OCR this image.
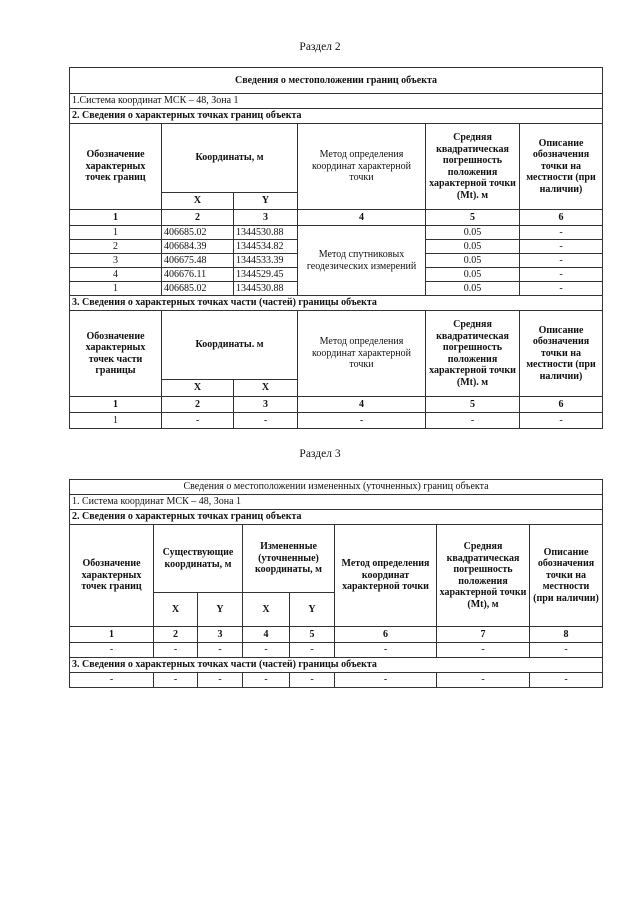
Раздел 2
Сведения о местоположении границ объекта					
1.Система координат МСК – 48, Зона 1					
2. Сведения о характерных точках границ объекта					
Обозначение характерных точек границ	Координаты, м		Метод определения координат характерной точки	Средняя квадратическая погрешность положения характерной точки (Mt). м	Описание обозначения точки на местности (при наличии)
	X	Y			
1	2	3	4	5	6
1	406685.02	1344530.88	Метод спутниковых геодезических измерений	0.05	-
2	406684.39	1344534.82		0.05	-
3	406675.48	1344533.39		0.05	-
4	406676.11	1344529.45		0.05	-
1	406685.02	1344530.88		0.05	-
3. Сведения о характерных точках части (частей) границы объекта					
Обозначение характерных точек части границы	Координаты. м		Метод определения координат характерной точки	Средняя квадратическая погрешность положения характерной точки (Mt). м	Описание обозначения точки на местности (при наличии)
	X	X			
1	2	3	4	5	6
1	-	-	-	-	-
Раздел 3
Сведения о местоположении измененных (уточненных) границ объекта							
1. Система координат МСК – 48, Зона 1							
2. Сведения о характерных точках границ объекта							
Обозначение характерных точек границ	Существующие координаты, м		Измененные (уточненные) координаты, м		Метод определения координат характерной точки	Средняя квадратическая погрешность положения характерной точки (Mt), м	Описание обозначения точки на местности (при наличии)
	X	Y	X	Y			
1	2	3	4	5	6	7	8
-	-	-	-	-	-	-	-
3. Сведения о характерных точках части (частей) границы объекта							
-	-	-	-	-	-	-	-
